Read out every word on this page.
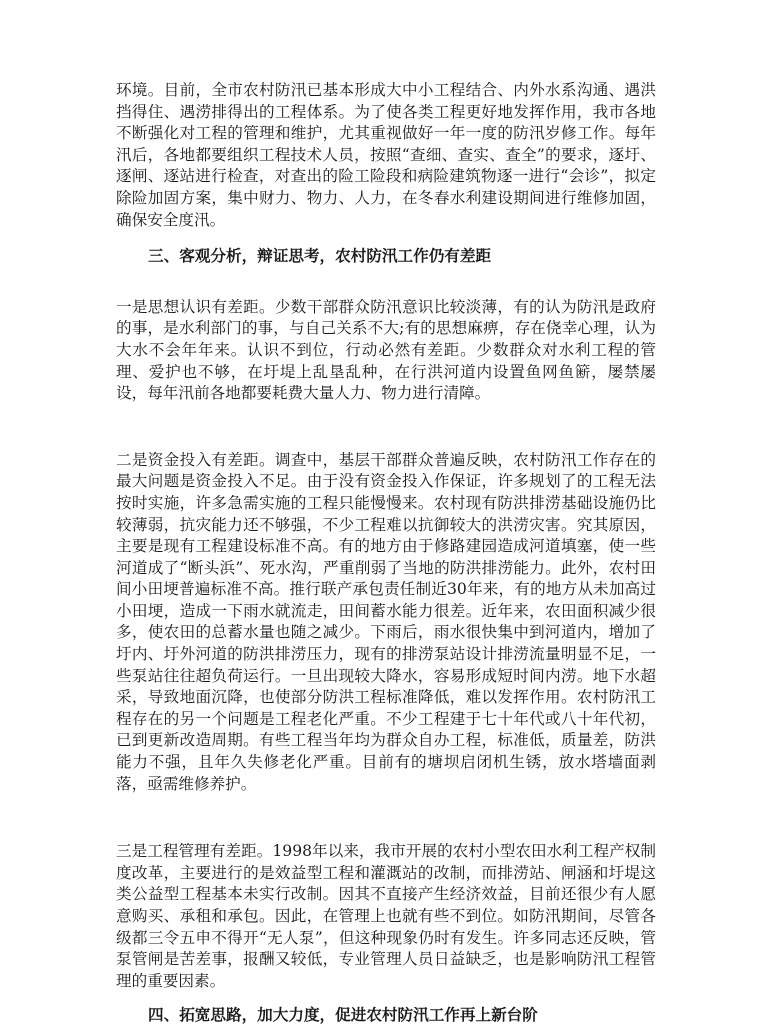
环境。目前，全市农村防汛已基本形成大中小工程结合、内外水系沟通、遇洪挡得住、遇涝排得出的工程体系。为了使各类工程更好地发挥作用，我市各地不断强化对工程的管理和维护，尤其重视做好一年一度的防汛岁修工作。每年汛后，各地都要组织工程技术人员，按照“查细、查实、查全”的要求，逐圩、逐闸、逐站进行检查，对查出的险工险段和病险建筑物逐一进行“会诊”，拟定除险加固方案，集中财力、物力、人力，在冬春水利建设期间进行维修加固，确保安全度汛。

三、客观分析，辩证思考，农村防汛工作仍有差距

一是思想认识有差距。少数干部群众防汛意识比较淡薄，有的认为防汛是政府的事，是水利部门的事，与自己关系不大;有的思想麻痹，存在侥幸心理，认为大水不会年年来。认识不到位，行动必然有差距。少数群众对水利工程的管理、爱护也不够，在圩堤上乱垦乱种，在行洪河道内设置鱼网鱼簖，屡禁屡设，每年汛前各地都要耗费大量人力、物力进行清障。

二是资金投入有差距。调查中，基层干部群众普遍反映，农村防汛工作存在的最大问题是资金投入不足。由于没有资金投入作保证，许多规划了的工程无法按时实施，许多急需实施的工程只能慢慢来。农村现有防洪排涝基础设施仍比较薄弱，抗灾能力还不够强，不少工程难以抗御较大的洪涝灾害。究其原因，主要是现有工程建设标准不高。有的地方由于修路建园造成河道填塞，使一些河道成了“断头浜”、死水沟，严重削弱了当地的防洪排涝能力。此外，农村田间小田埂普遍标准不高。推行联产承包责任制近30年来，有的地方从未加高过小田埂，造成一下雨水就流走，田间蓄水能力很差。近年来，农田面积减少很多，使农田的总蓄水量也随之减少。下雨后，雨水很快集中到河道内，增加了圩内、圩外河道的防洪排涝压力，现有的排涝泵站设计排涝流量明显不足，一些泵站往往超负荷运行。一旦出现较大降水，容易形成短时间内涝。地下水超采，导致地面沉降，也使部分防洪工程标准降低，难以发挥作用。农村防汛工程存在的另一个问题是工程老化严重。不少工程建于七十年代或八十年代初，已到更新改造周期。有些工程当年均为群众自办工程，标准低，质量差，防洪能力不强，且年久失修老化严重。目前有的塘坝启闭机生锈，放水塔墙面剥落，亟需维修养护。

三是工程管理有差距。1998年以来，我市开展的农村小型农田水利工程产权制度改革，主要进行的是效益型工程和灌溉站的改制，而排涝站、闸涵和圩堤这类公益型工程基本未实行改制。因其不直接产生经济效益，目前还很少有人愿意购买、承租和承包。因此，在管理上也就有些不到位。如防汛期间，尽管各级都三令五申不得开“无人泵”，但这种现象仍时有发生。许多同志还反映，管泵管闸是苦差事，报酬又较低，专业管理人员日益缺乏，也是影响防汛工程管理的重要因素。

四、拓宽思路，加大力度，促进农村防汛工作再上新台阶
